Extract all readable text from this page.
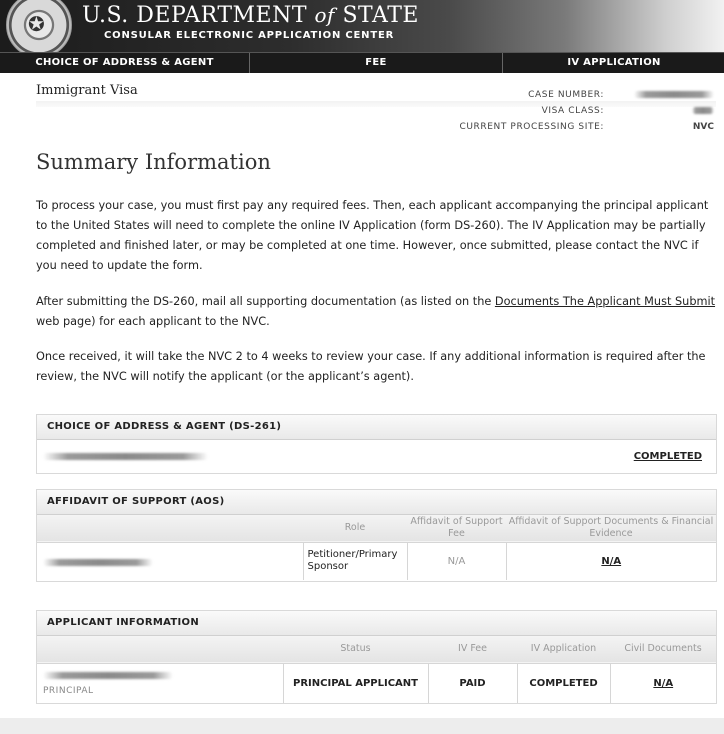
✪ U.S. DEPARTMENT of STATE
CONSULAR ELECTRONIC APPLICATION CENTER
CHOICE OF ADDRESS & AGENT	FEE	IV APPLICATION
Immigrant Visa	CASE NUMBER:
VISA CLASS:
CURRENT PROCESSING SITE:	NVC
Summary Information

To process your case, you must first pay any required fees. Then, each applicant accompanying the principal applicant to the United States will need to complete the online IV Application (form DS-260). The IV Application may be partially completed and finished later, or may be completed at one time. However, once submitted, please contact the NVC if you need to update the form.

After submitting the DS-260, mail all supporting documentation (as listed on the Documents The Applicant Must Submit web page) for each applicant to the NVC.

Once received, it will take the NVC 2 to 4 weeks to review your case. If any additional information is required after the review, the NVC will notify the applicant (or the applicant’s agent).

CHOICE OF ADDRESS & AGENT (DS-261)
COMPLETED
AFFIDAVIT OF SUPPORT (AOS)
	Role	Affidavit of Support Fee	Affidavit of Support Documents & Financial Evidence

	Petitioner/Primary Sponsor	N/A	N/A
APPLICANT INFORMATION
	Status	IV Fee	IV Application	Civil Documents

PRINCIPAL	PRINCIPAL APPLICANT	PAID	COMPLETED	N/A
